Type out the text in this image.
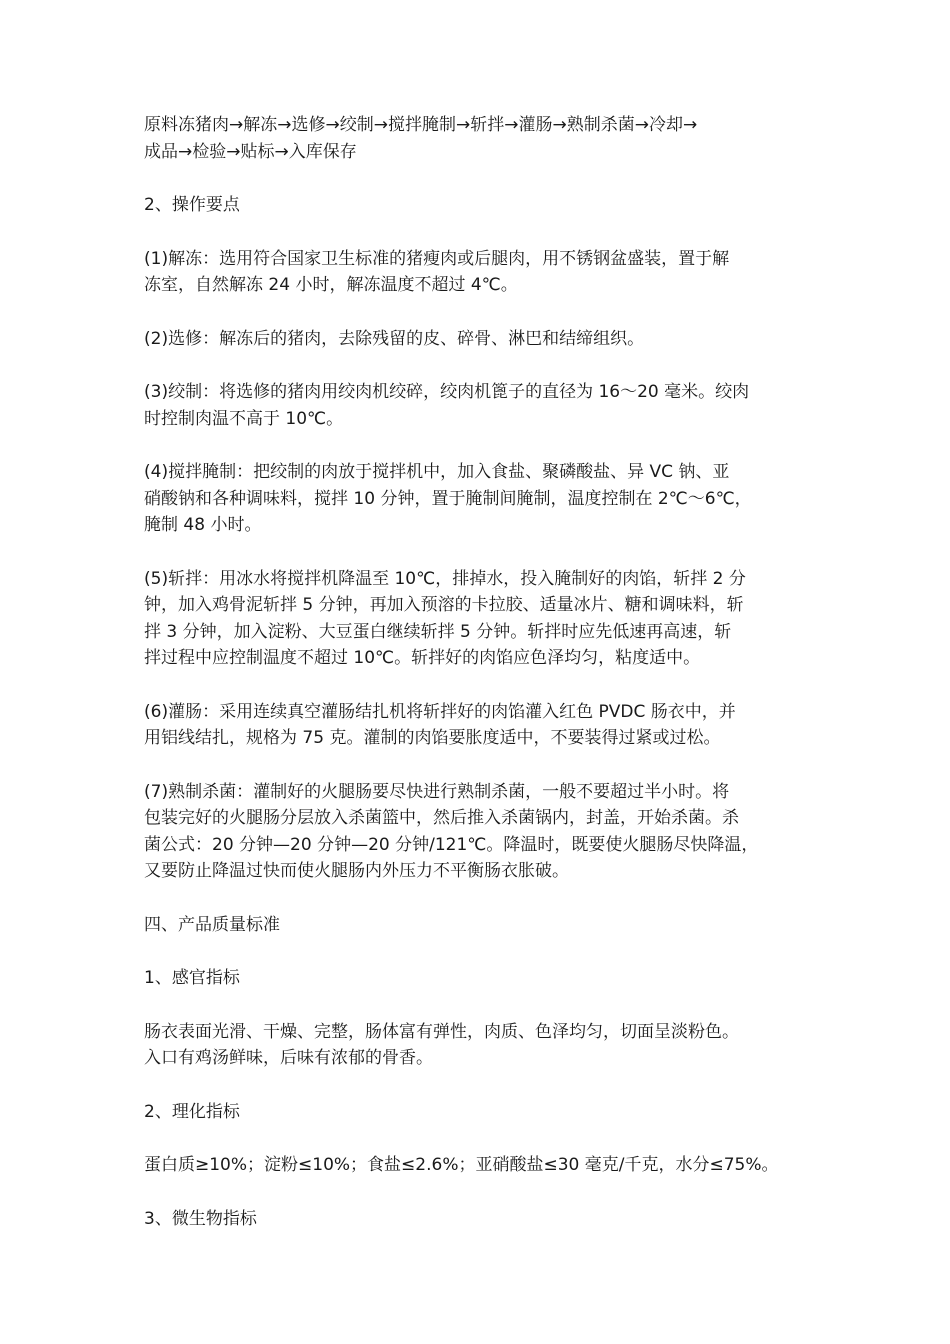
原料冻猪肉→解冻→选修→绞制→搅拌腌制→斩拌→灌肠→熟制杀菌→冷却→
成品→检验→贴标→入库保存

2、操作要点

(1)解冻：选用符合国家卫生标准的猪瘦肉或后腿肉，用不锈钢盆盛装，置于解
冻室，自然解冻 24 小时，解冻温度不超过 4℃。

(2)选修：解冻后的猪肉，去除残留的皮、碎骨、淋巴和结缔组织。

(3)绞制：将选修的猪肉用绞肉机绞碎，绞肉机篦子的直径为 16～20 毫米。绞肉
时控制肉温不高于 10℃。

(4)搅拌腌制：把绞制的肉放于搅拌机中，加入食盐、聚磷酸盐、异 VC 钠、亚
硝酸钠和各种调味料，搅拌 10 分钟，置于腌制间腌制，温度控制在 2℃～6℃，
腌制 48 小时。

(5)斩拌：用冰水将搅拌机降温至 10℃，排掉水，投入腌制好的肉馅，斩拌 2 分
钟，加入鸡骨泥斩拌 5 分钟，再加入预溶的卡拉胶、适量冰片、糖和调味料，斩
拌 3 分钟，加入淀粉、大豆蛋白继续斩拌 5 分钟。斩拌时应先低速再高速，斩
拌过程中应控制温度不超过 10℃。斩拌好的肉馅应色泽均匀，粘度适中。

(6)灌肠：采用连续真空灌肠结扎机将斩拌好的肉馅灌入红色 PVDC 肠衣中，并
用铝线结扎，规格为 75 克。灌制的肉馅要胀度适中，不要装得过紧或过松。

(7)熟制杀菌：灌制好的火腿肠要尽快进行熟制杀菌，一般不要超过半小时。将
包装完好的火腿肠分层放入杀菌篮中，然后推入杀菌锅内，封盖，开始杀菌。杀
菌公式：20 分钟—20 分钟—20 分钟/121℃。降温时，既要使火腿肠尽快降温，
又要防止降温过快而使火腿肠内外压力不平衡肠衣胀破。

四、产品质量标准

1、感官指标

肠衣表面光滑、干燥、完整，肠体富有弹性，肉质、色泽均匀，切面呈淡粉色。
入口有鸡汤鲜味，后味有浓郁的骨香。

2、理化指标

蛋白质≥10%；淀粉≤10%；食盐≤2.6%；亚硝酸盐≤30 毫克/千克，水分≤75%。

3、微生物指标
